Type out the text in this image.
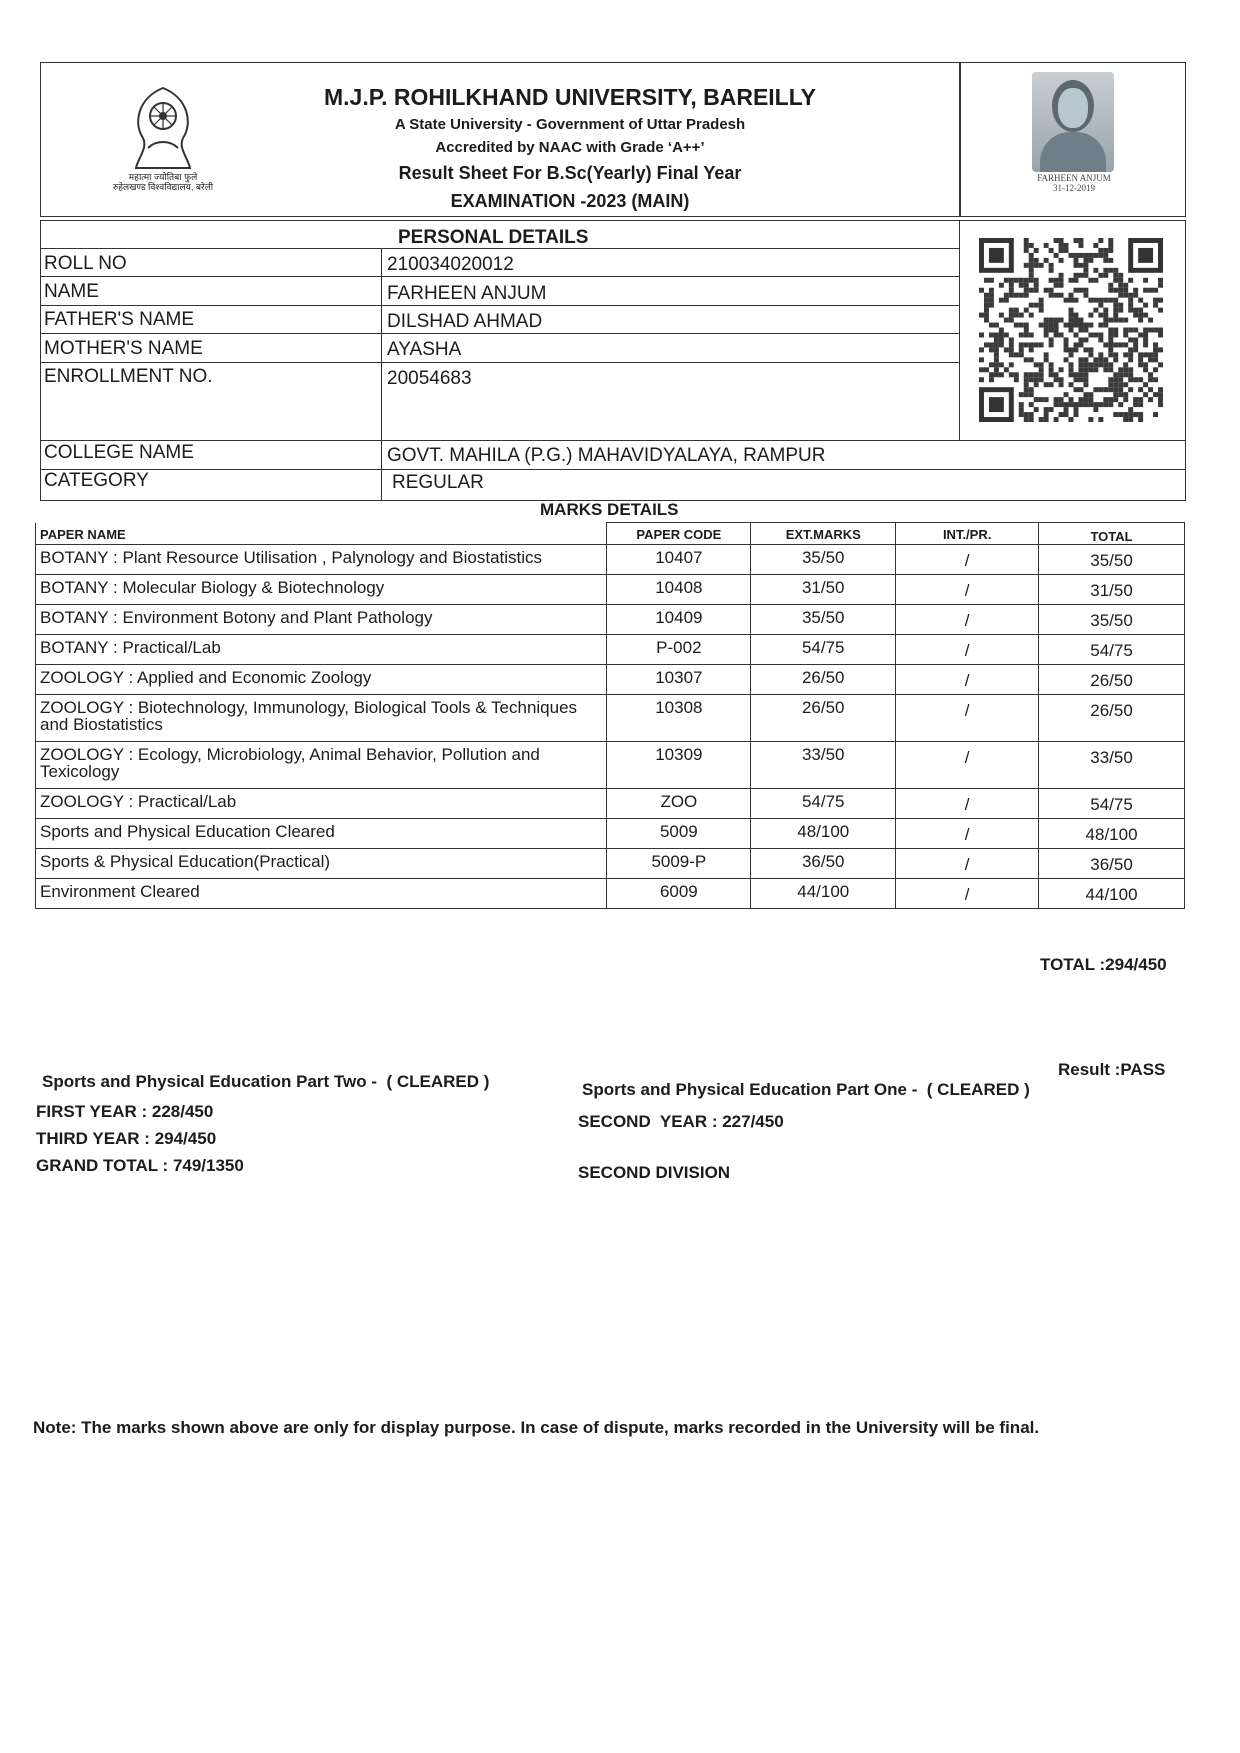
महात्मा ज्योतिबा फुले
रुहेलखण्ड विश्वविद्यालय, बरेली
M.J.P. ROHILKHAND UNIVERSITY, BAREILLY
A State University - Government of Uttar Pradesh
Accredited by NAAC with Grade ‘A++’
Result Sheet For B.Sc(Yearly) Final Year
EXAMINATION -2023 (MAIN)
FARHEEN ANJUM
31-12-2019
PERSONAL DETAILS
ROLL NO	210034020012
NAME	FARHEEN ANJUM
FATHER'S NAME	DILSHAD AHMAD
MOTHER'S NAME	AYASHA
ENROLLMENT NO.	20054683
COLLEGE NAME	GOVT. MAHILA (P.G.) MAHAVIDYALAYA, RAMPUR
CATEGORY	REGULAR
MARKS DETAILS
PAPER NAME	PAPER CODE	EXT.MARKS	INT./PR.	TOTAL
BOTANY : Plant Resource Utilisation , Palynology and Biostatistics	10407	35/50	/	35/50
BOTANY : Molecular Biology & Biotechnology	10408	31/50	/	31/50
BOTANY : Environment Botony and Plant Pathology	10409	35/50	/	35/50
BOTANY : Practical/Lab	P-002	54/75	/	54/75
ZOOLOGY : Applied and Economic Zoology	10307	26/50	/	26/50
ZOOLOGY : Biotechnology, Immunology, Biological Tools & Techniques and Biostatistics	10308	26/50	/	26/50
ZOOLOGY : Ecology, Microbiology, Animal Behavior, Pollution and Texicology	10309	33/50	/	33/50
ZOOLOGY : Practical/Lab	ZOO	54/75	/	54/75
Sports and Physical Education Cleared	5009	48/100	/	48/100
Sports & Physical Education(Practical)	5009-P	36/50	/	36/50
Environment Cleared	6009	44/100	/	44/100
TOTAL :294/450
Result :PASS
Sports and Physical Education Part Two -  ( CLEARED )	Sports and Physical Education Part One -  ( CLEARED )
FIRST YEAR : 228/450
SECOND  YEAR : 227/450
THIRD YEAR : 294/450
GRAND TOTAL : 749/1350	SECOND DIVISION
Note: The marks shown above are only for display purpose. In case of dispute, marks recorded in the University will be final.
